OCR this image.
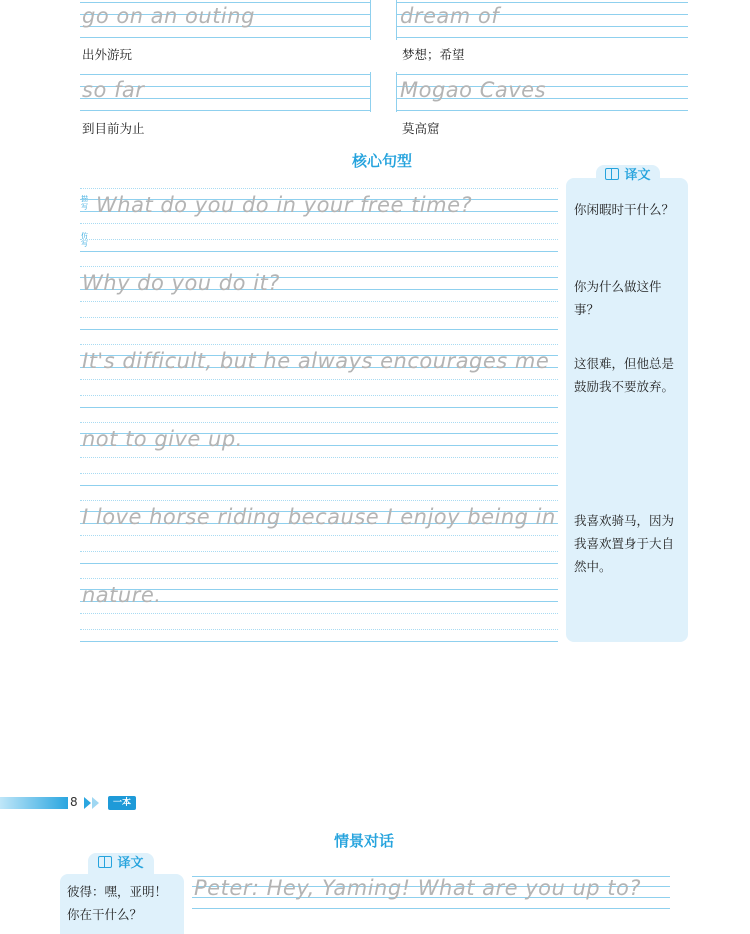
go on an outing
出外游玩
so far
到目前为止
dream of
梦想；希望
Mogao Caves
莫高窟
核心句型
描写
仿写
What do you do in your free time?
Why do you do it?
It's difficult, but he always encourages me
not to give up.
I love horse riding because I enjoy being in
nature.
译文
你闲暇时干什么？
你为什么做这件事？
这很难，但他总是鼓励我不要放弃。
我喜欢骑马，因为我喜欢置身于大自然中。
8	一本
情景对话
译文
彼得：嘿，亚明！你在干什么？
Peter: Hey, Yaming! What are you up to?
